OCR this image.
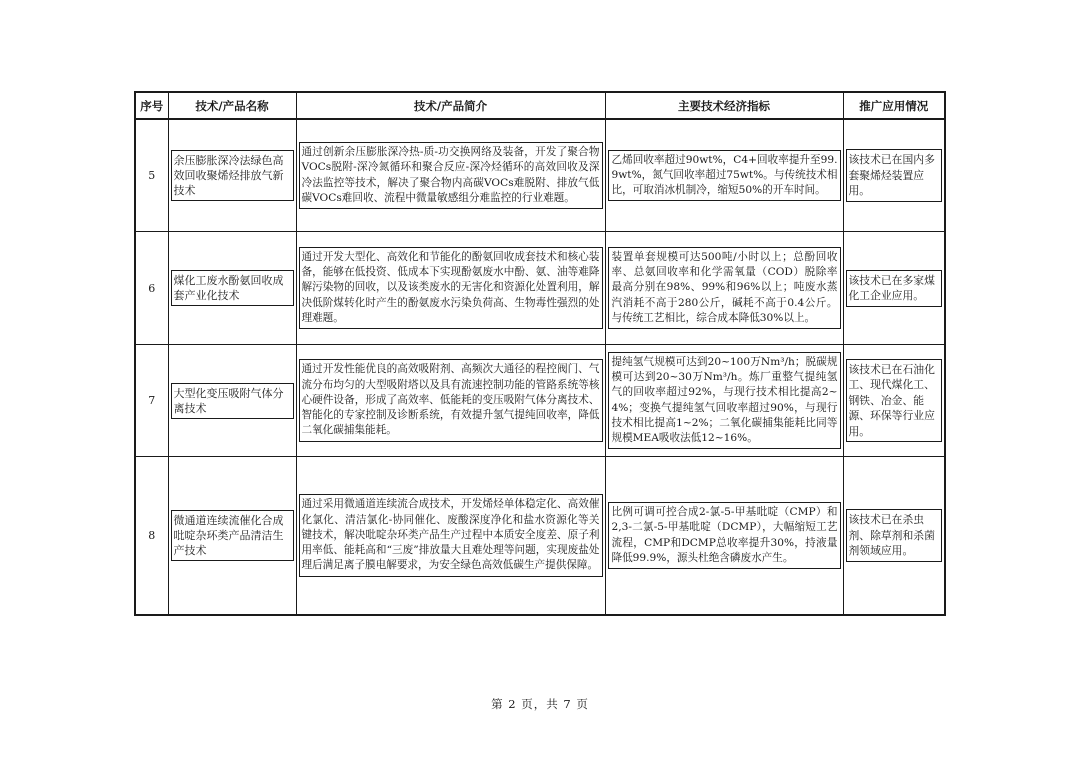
序号	技术/产品名称	技术/产品简介	主要技术经济指标	推广应用情况
5	余压膨胀深冷法绿色高效回收聚烯烃排放气新技术	通过创新余压膨胀深冷热-质-功交换网络及装备，开发了聚合物VOCs脱附-深冷氮循环和聚合反应-深冷烃循环的高效回收及深冷法监控等技术，解决了聚合物内高碳VOCs难脱附、排放气低碳VOCs难回收、流程中微量敏感组分难监控的行业难题。	乙烯回收率超过90wt%，C4+回收率提升至99.9wt%，氮气回收率超过75wt%。与传统技术相比，可取消冰机制冷，缩短50%的开车时间。	该技术已在国内多套聚烯烃装置应用。

6	煤化工废水酚氨回收成套产业化技术	通过开发大型化、高效化和节能化的酚氨回收成套技术和核心装备，能够在低投资、低成本下实现酚氨废水中酚、氨、油等难降解污染物的回收，以及该类废水的无害化和资源化处置利用，解决低阶煤转化时产生的酚氨废水污染负荷高、生物毒性强烈的处理难题。	装置单套规模可达500吨/小时以上；总酚回收率、总氨回收率和化学需氧量（COD）脱除率最高分别在98%、99%和96%以上；吨废水蒸汽消耗不高于280公斤，碱耗不高于0.4公斤。与传统工艺相比，综合成本降低30%以上。	该技术已在多家煤化工企业应用。

7	大型化变压吸附气体分离技术	通过开发性能优良的高效吸附剂、高频次大通径的程控阀门、气流分布均匀的大型吸附塔以及具有流速控制功能的管路系统等核心硬件设备，形成了高效率、低能耗的变压吸附气体分离技术、智能化的专家控制及诊断系统，有效提升氢气提纯回收率，降低二氧化碳捕集能耗。	提纯氢气规模可达到20~100万Nm³/h；脱碳规模可达到20~30万Nm³/h。炼厂重整气提纯氢气的回收率超过92%，与现行技术相比提高2~4%；变换气提纯氢气回收率超过90%，与现行技术相比提高1~2%；二氧化碳捕集能耗比同等规模MEA吸收法低12~16%。	该技术已在石油化工、现代煤化工、钢铁、冶金、能源、环保等行业应用。

8	微通道连续流催化合成吡啶杂环类产品清洁生产技术	通过采用微通道连续流合成技术，开发烯烃单体稳定化、高效催化氯化、清洁氯化-协同催化、废酸深度净化和盐水资源化等关键技术，解决吡啶杂环类产品生产过程中本质安全度差、原子利用率低、能耗高和“三废”排放量大且难处理等问题，实现废盐处理后满足离子膜电解要求，为安全绿色高效低碳生产提供保障。	比例可调可控合成2-氯-5-甲基吡啶（CMP）和2,3-二氯-5-甲基吡啶（DCMP），大幅缩短工艺流程，CMP和DCMP总收率提升30%，持液量降低99.9%，源头杜绝含磷废水产生。	该技术已在杀虫剂、除草剂和杀菌剂领域应用。
第 2 页，共 7 页
